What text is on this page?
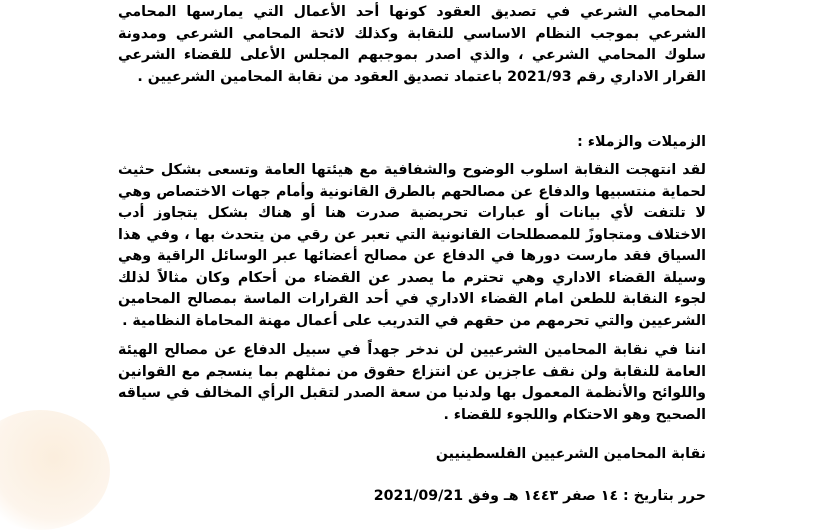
المحامي الشرعي في تصديق العقود كونها أحد الأعمال التي يمارسها المحامي الشرعي بموجب النظام الاساسي للنقابة وكذلك لائحة المحامي الشرعي ومدونة سلوك المحامي الشرعي ، والذي اصدر بموجبهم المجلس الأعلى للقضاء الشرعي القرار الاداري رقم 2021/93 باعتماد تصديق العقود من نقابة المحامين الشرعيين .

الزميلات والزملاء :

لقد انتهجت النقابة اسلوب الوضوح والشفافية مع هيئتها العامة وتسعى بشكل حثيث لحماية منتسبيها والدفاع عن مصالحهم بالطرق القانونية وأمام جهات الاختصاص وهي لا تلتفت لأي بيانات أو عبارات تحريضية صدرت هنا أو هناك بشكل يتجاوز أدب الاختلاف ومتجاوزً للمصطلحات القانونية التي تعبر عن رقي من يتحدث بها ، وفي هذا السياق فقد مارست دورها في الدفاع عن مصالح أعضائها عبر الوسائل الراقية وهي وسيلة القضاء الاداري وهي تحترم ما يصدر عن القضاء من أحكام وكان مثالاً لذلك لجوء النقابة للطعن امام القضاء الاداري في أحد القرارات الماسة بمصالح المحامين الشرعيين والتي تحرمهم من حقهم في التدريب على أعمال مهنة المحاماة النظامية .

اننا في نقابة المحامين الشرعيين لن ندخر جهداً في سبيل الدفاع عن مصالح الهيئة العامة للنقابة ولن نقف عاجزين عن انتزاع حقوق من نمثلهم بما ينسجم مع القوانين واللوائح والأنظمة المعمول بها ولدنيا من سعة الصدر لتقبل الرأي المخالف في سياقه الصحيح وهو الاحتكام واللجوء للقضاء .

نقابة المحامين الشرعيين الفلسطينيين

حرر بتاريخ : ١٤ صفر ١٤٤٣ هـ وفق 2021/09/21
